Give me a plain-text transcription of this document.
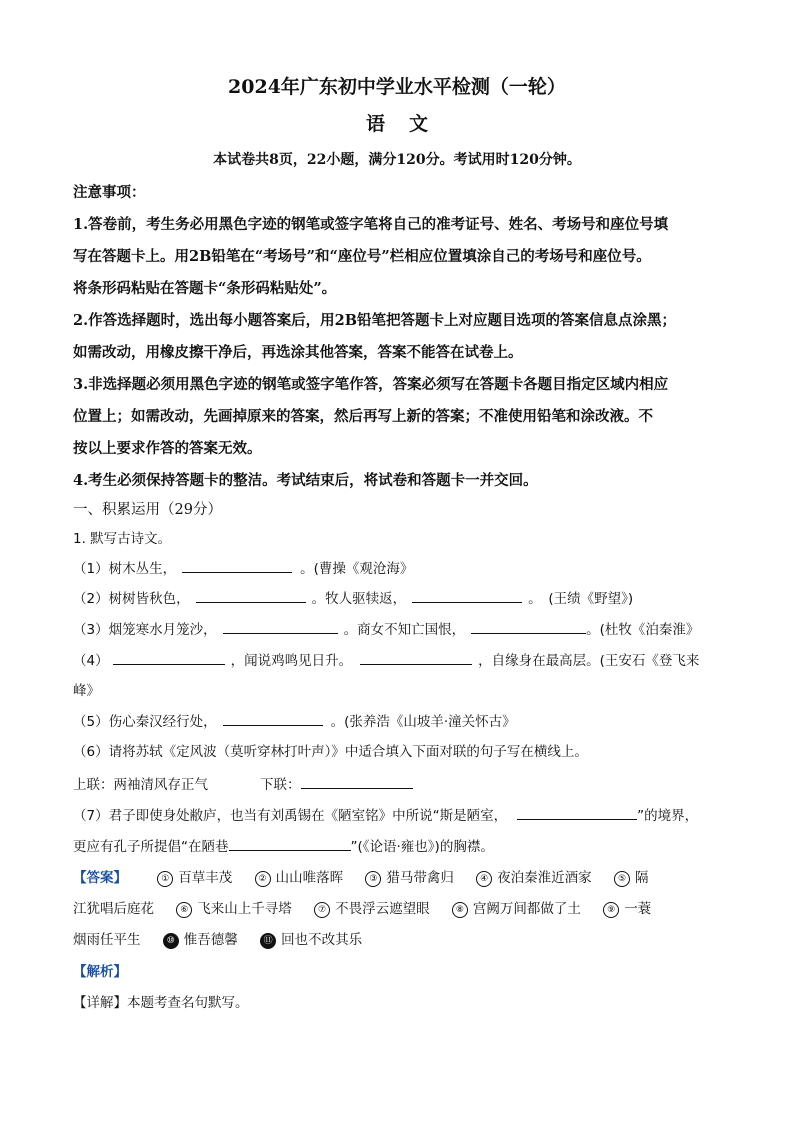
2024年广东初中学业水平检测（一轮）
语文
本试卷共8页，22小题，满分120分。考试用时120分钟。
注意事项：
1.答卷前，考生务必用黑色字迹的钢笔或签字笔将自己的准考证号、姓名、考场号和座位号填
写在答题卡上。用2B铅笔在“考场号”和“座位号”栏相应位置填涂自己的考场号和座位号。
将条形码粘贴在答题卡“条形码粘贴处”。
2.作答选择题时，选出每小题答案后，用2B铅笔把答题卡上对应题目选项的答案信息点涂黑；
如需改动，用橡皮擦干净后，再选涂其他答案，答案不能答在试卷上。
3.非选择题必须用黑色字迹的钢笔或签字笔作答，答案必须写在答题卡各题目指定区域内相应
位置上；如需改动，先画掉原来的答案，然后再写上新的答案；不准使用铅笔和涂改液。不
按以上要求作答的答案无效。
4.考生必须保持答题卡的整洁。考试结束后，将试卷和答题卡一并交回。
一、积累运用（29分）
1. 默写古诗文。
（1）树木丛生，	。(曹操《观沧海》
（2）树树皆秋色，	。牧人驱犊返，	。　(王绩《野望》)
（3）烟笼寒水月笼沙，	。商女不知亡国恨，	。(杜牧《泊秦淮》
（4）	，闻说鸡鸣见日升。	，自缘身在最高层。(王安石《登飞来
峰》
（5）伤心秦汉经行处，	。(张养浩《山坡羊·潼关怀古》
（6）请将苏轼《定风波（莫听穿林打叶声）》中适合填入下面对联的句子写在横线上。
上联：两袖清风存正气	下联：
（7）君子即使身处敝庐，也当有刘禹锡在《陋室铭》中所说“斯是陋室，	”的境界，
更应有孔子所提倡“在陋巷	”(《论语·雍也》)的胸襟。
【答案】	① 百草丰茂	② 山山唯落晖	③ 猎马带禽归	④ 夜泊秦淮近酒家	⑤ 隔
江犹唱后庭花	⑥ 飞来山上千寻塔	⑦ 不畏浮云遮望眼	⑧ 宫阙万间都做了土	⑨ 一蓑
烟雨任平生	⑩ 惟吾德馨	⑪ 回也不改其乐
【解析】
【详解】本题考查名句默写。
